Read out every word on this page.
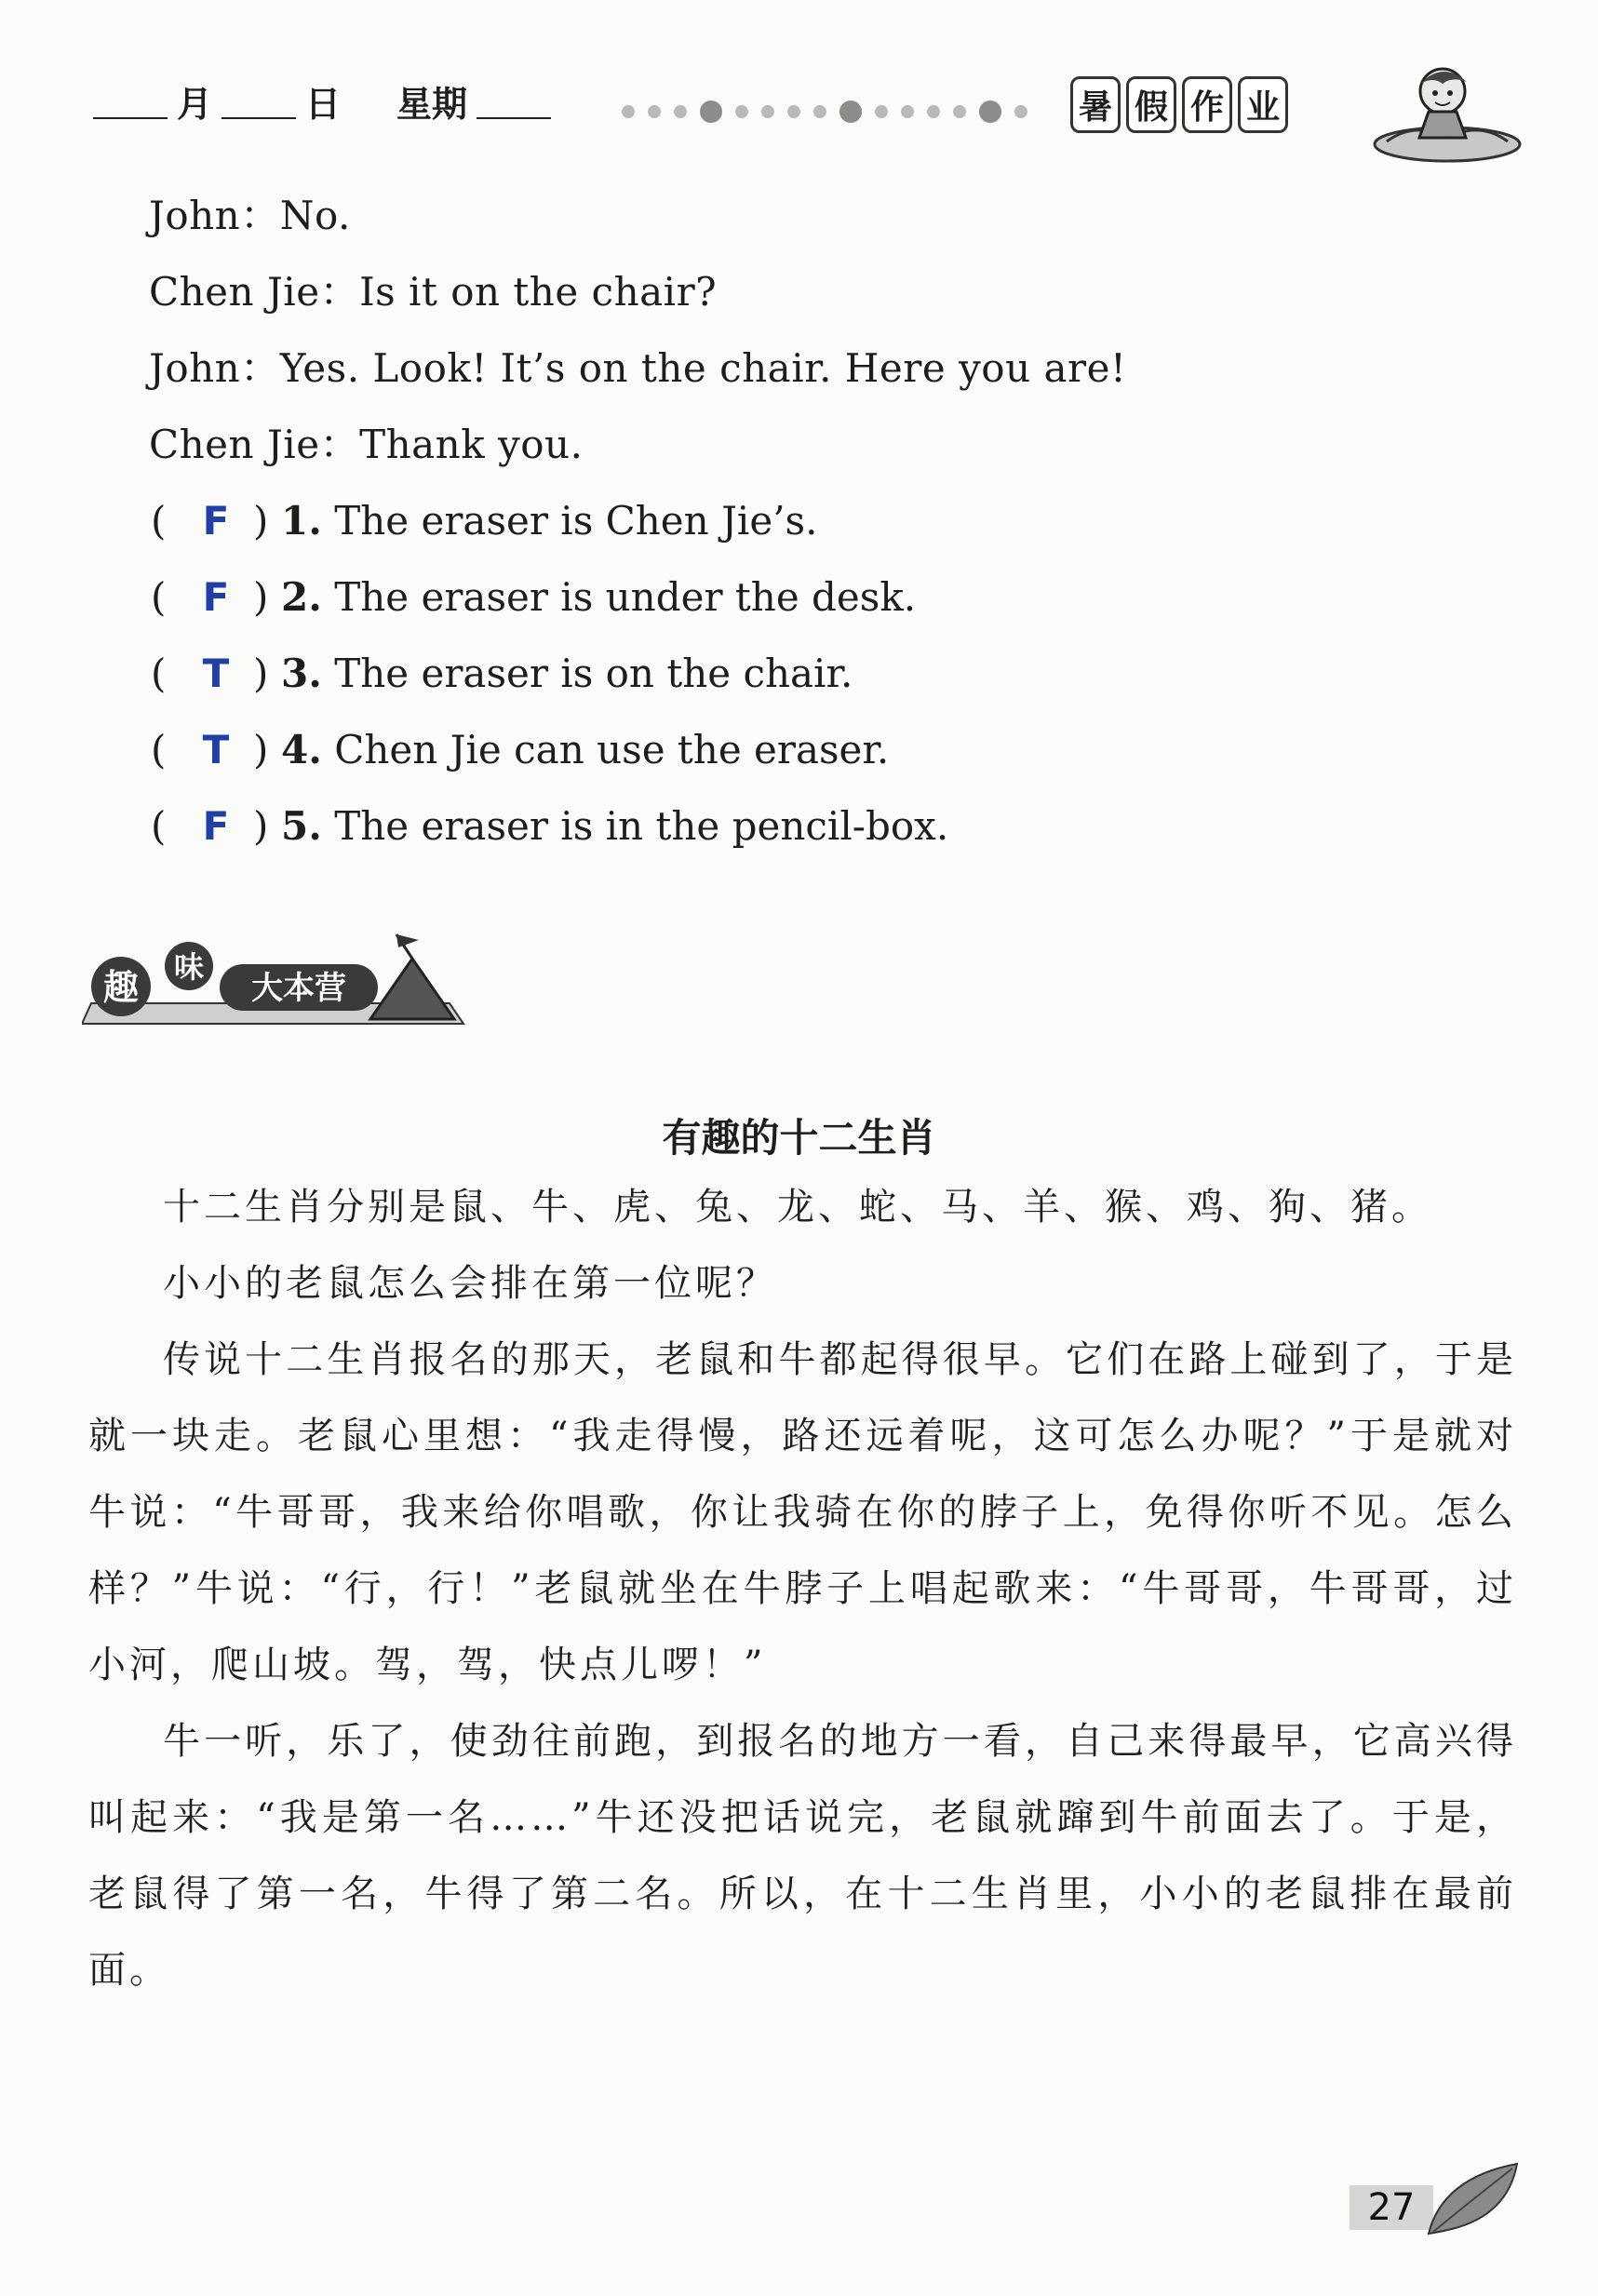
月	日 星期	暑 假 作 业
John：No.
Chen Jie：Is it on the chair?
John：Yes. Look! It’s on the chair. Here you are!
Chen Jie：Thank you.
( F ) 1. The eraser is Chen Jie’s.
( F ) 2. The eraser is under the desk.
( T ) 3. The eraser is on the chair.
( T ) 4. Chen Jie can use the eraser.
( F ) 5. The eraser is in the pencil-box.
趣 味
大本营
有趣的十二生肖
十二生肖分别是鼠、牛、虎、兔、龙、蛇、马、羊、猴、鸡、狗、猪。
小小的老鼠怎么会排在第一位呢？
传说十二生肖报名的那天，老鼠和牛都起得很早。它们在路上碰到了，于是就一块走。老鼠心里想：“我走得慢，路还远着呢，这可怎么办呢？”于是就对牛说：“牛哥哥，我来给你唱歌，你让我骑在你的脖子上，免得你听不见。怎么样？”牛说：“行，行！”老鼠就坐在牛脖子上唱起歌来：“牛哥哥，牛哥哥，过小河，爬山坡。驾，驾，快点儿啰！”
牛一听，乐了，使劲往前跑，到报名的地方一看，自己来得最早，它高兴得叫起来：“我是第一名……”牛还没把话说完，老鼠就蹿到牛前面去了。于是，老鼠得了第一名，牛得了第二名。所以，在十二生肖里，小小的老鼠排在最前面。
27
